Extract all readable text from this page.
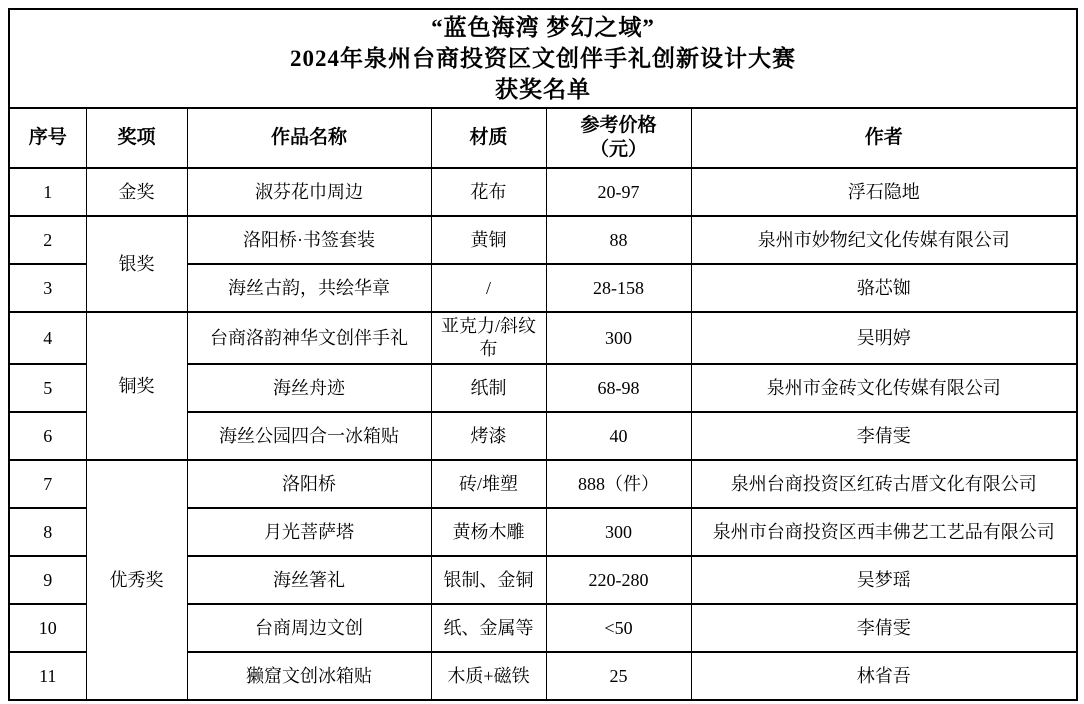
“蓝色海湾 梦幻之域”
2024年泉州台商投资区文创伴手礼创新设计大赛
获奖名单					

序号	奖项	作品名称	材质	参考价格（元）	作者
1	金奖	淑芬花巾周边	花布	20-97	浮石隐地
2	银奖	洛阳桥·书签套装	黄铜	88	泉州市妙物纪文化传媒有限公司
3		海丝古韵，共绘华章	/	28-158	骆芯铷
4	铜奖	台商洛韵神华文创伴手礼	亚克力/斜纹布	300	吴明婷
5		海丝舟迹	纸制	68-98	泉州市金砖文化传媒有限公司
6		海丝公园四合一冰箱贴	烤漆	40	李倩雯
7	优秀奖	洛阳桥	砖/堆塑	888（件）	泉州台商投资区红砖古厝文化有限公司
8		月光菩萨塔	黄杨木雕	300	泉州市台商投资区西丰佛艺工艺品有限公司
9		海丝箸礼	银制、金铜	220-280	吴梦瑶
10		台商周边文创	纸、金属等	<50	李倩雯
11		獭窟文创冰箱贴	木质+磁铁	25	林省吾
